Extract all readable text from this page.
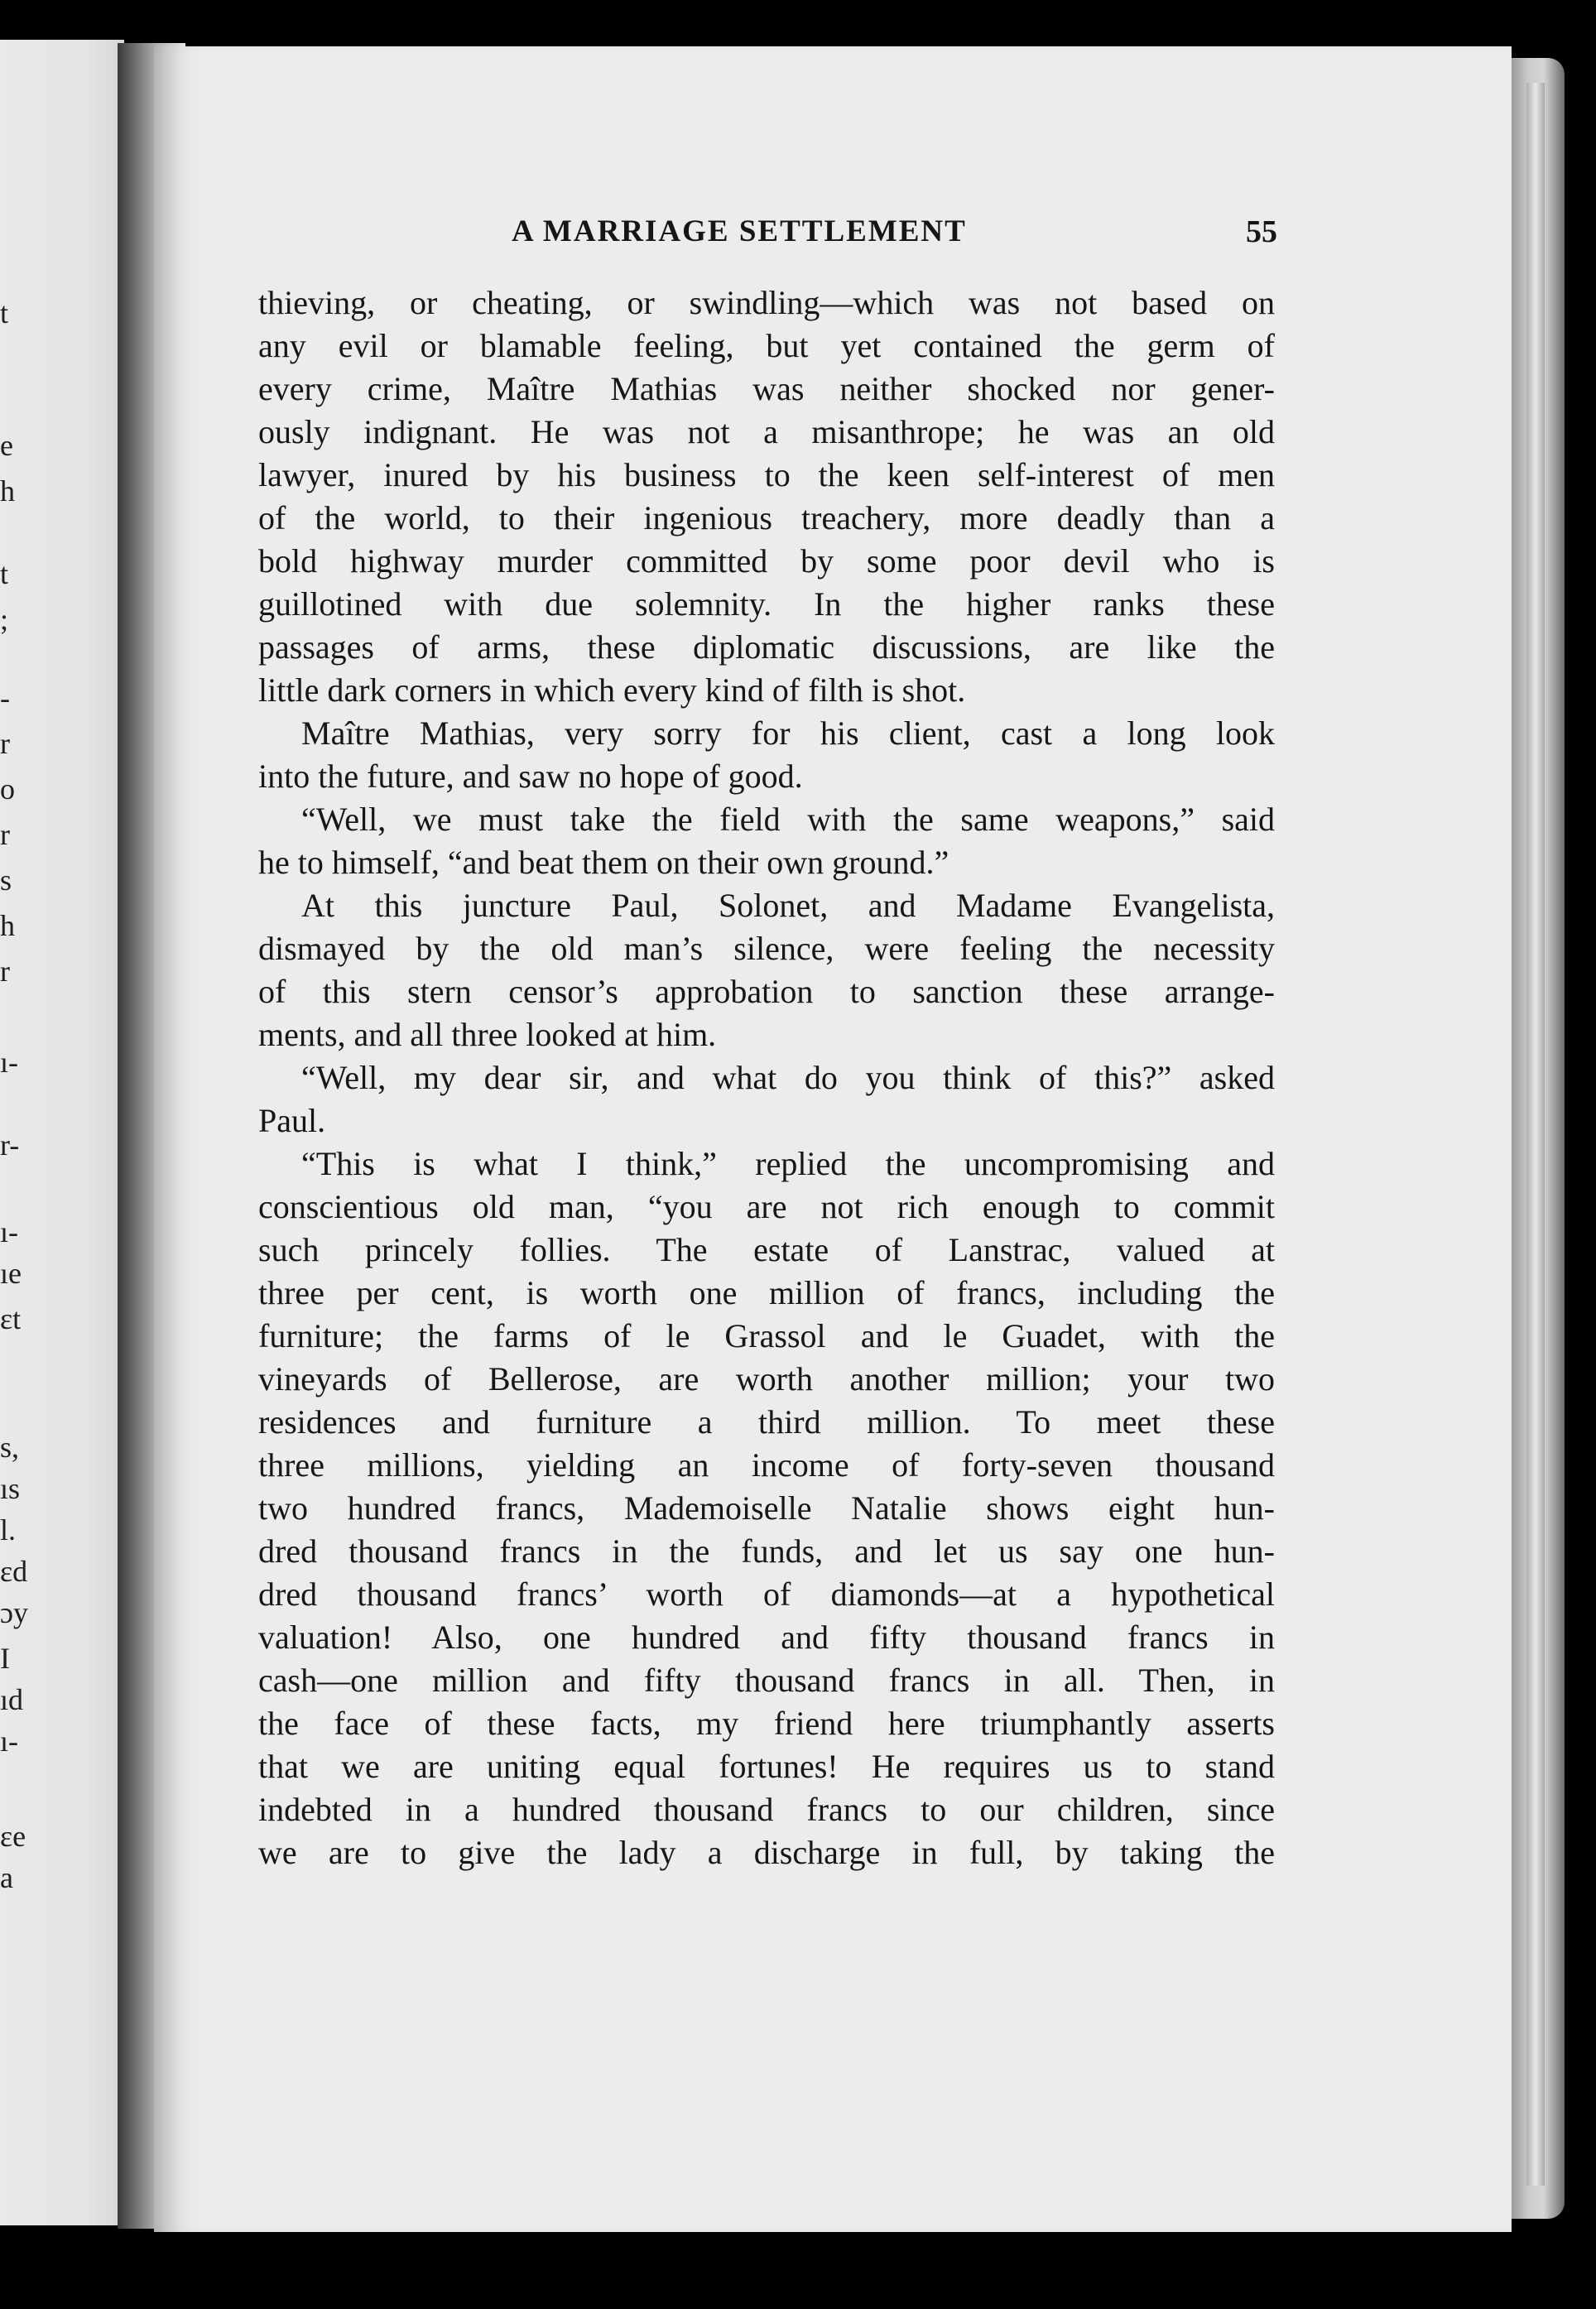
t
e
h
t
;
-
r
o
r
s
h
r
ı-
r-
ı-
ıe
ɛt
s,
ıs
l.
ɛd
ɔy
I
ıd
ı-
ɛe
a
A MARRIAGE SETTLEMENT	55
thieving, or cheating, or swindling—which was not based on
any evil or blamable feeling, but yet contained the germ of
every crime, Maître Mathias was neither shocked nor gener-
ously indignant. He was not a misanthrope; he was an old
lawyer, inured by his business to the keen self-interest of men
of the world, to their ingenious treachery, more deadly than a
bold highway murder committed by some poor devil who is
guillotined with due solemnity. In the higher ranks these
passages of arms, these diplomatic discussions, are like the
little dark corners in which every kind of filth is shot.
Maître Mathias, very sorry for his client, cast a long look
into the future, and saw no hope of good.
“Well, we must take the field with the same weapons,” said
he to himself, “and beat them on their own ground.”
At this juncture Paul, Solonet, and Madame Evangelista,
dismayed by the old man’s silence, were feeling the necessity
of this stern censor’s approbation to sanction these arrange-
ments, and all three looked at him.
“Well, my dear sir, and what do you think of this?” asked
Paul.
“This is what I think,” replied the uncompromising and
conscientious old man, “you are not rich enough to commit
such princely follies. The estate of Lanstrac, valued at
three per cent, is worth one million of francs, including the
furniture; the farms of le Grassol and le Guadet, with the
vineyards of Bellerose, are worth another million; your two
residences and furniture a third million. To meet these
three millions, yielding an income of forty-seven thousand
two hundred francs, Mademoiselle Natalie shows eight hun-
dred thousand francs in the funds, and let us say one hun-
dred thousand francs’ worth of diamonds—at a hypothetical
valuation! Also, one hundred and fifty thousand francs in
cash—one million and fifty thousand francs in all. Then, in
the face of these facts, my friend here triumphantly asserts
that we are uniting equal fortunes! He requires us to stand
indebted in a hundred thousand francs to our children, since
we are to give the lady a discharge in full, by taking the
